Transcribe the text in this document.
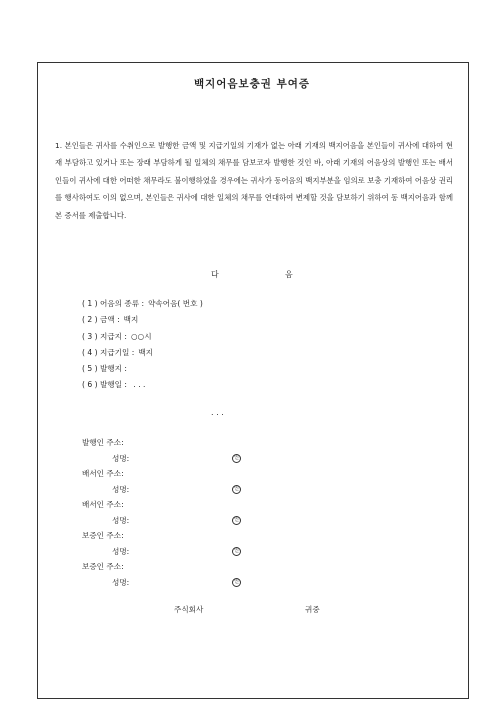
백지어음보충권 부여증

1. 본인들은 귀사를 수취인으로 발행한 금액 및 지급기일의 기재가 없는 아래 기재의 백지어음을 본인들이 귀사에 대하여 현재 부담하고 있거나 또는 장래 부담하게 될 일체의 채무를 담보코자 발행한 것인 바, 아래 기재의 어음상의 발행인 또는 배서인들이 귀사에 대한 어떠한 채무라도 불이행하였을 경우에는 귀사가 동어음의 백지부분을 임의로 보충 기재하여 어음상 권리를 행사하여도 이의 없으며, 본인들은 귀사에 대한 일체의 채무를 연대하여 변제할 것을 담보하기 위하여 동 백지어음과 함께 본 증서를 제출합니다.

다	음
( 1 ) 어음의 종류 : 약속어음( 번호 )
( 2 ) 금액 : 백지
( 3 ) 지급지 : ○○시
( 4 ) 지급기일 : 백지
( 5 ) 발행지 :
( 6 ) 발행일 : . . .
. . .
발행인 주소:
성명:	인
배서인 주소:
성명:	인
배서인 주소:
성명:	인
보증인 주소:
성명:	인
보증인 주소:
성명:	인
주식회사	귀중
